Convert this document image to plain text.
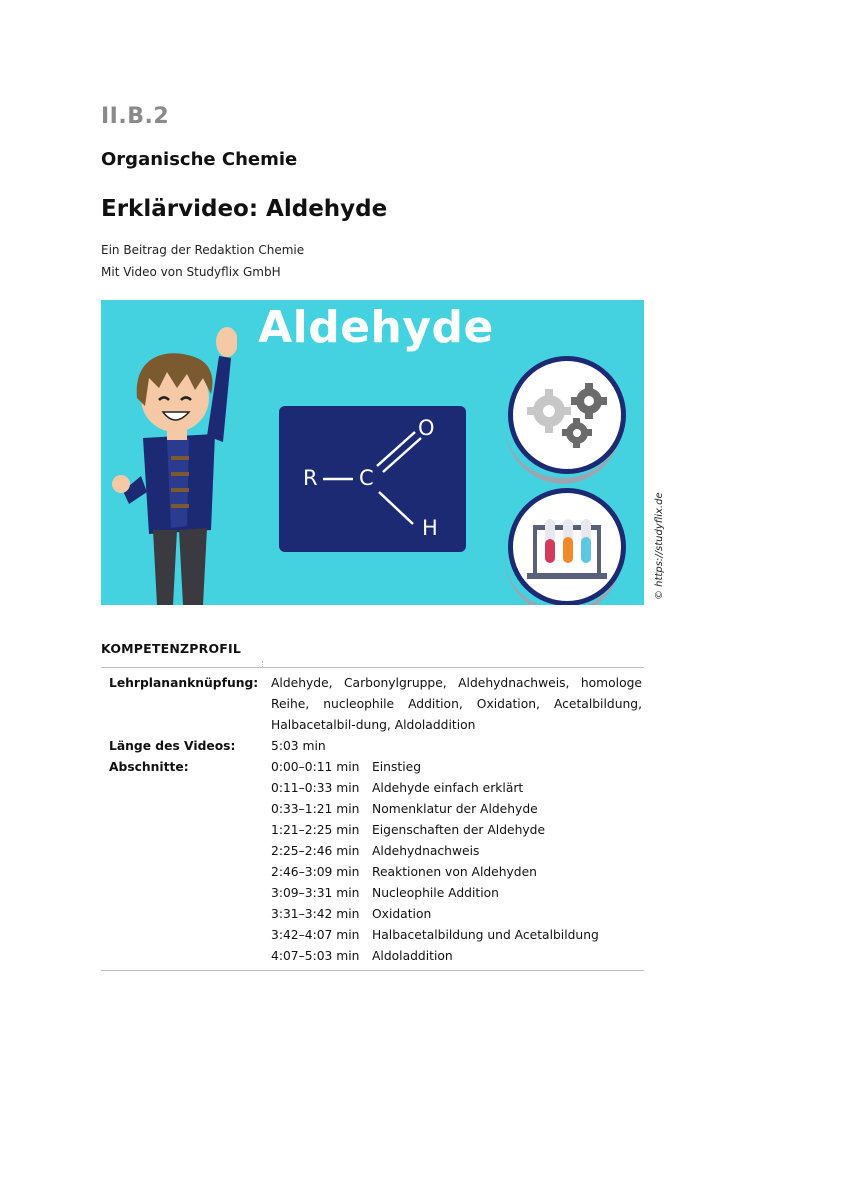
II.B.2
Organische Chemie
Erklärvideo: Aldehyde
Ein Beitrag der Redaktion Chemie
Mit Video von Studyflix GmbH
Aldehyde
R C
O
H	© https://studyflix.de
KOMPETENZPROFIL
Lehrplananknüpfung:	Aldehyde, Carbonylgruppe, Aldehydnachweis, homologe Reihe, nucleophile Addition, Oxidation, Acetalbildung, Halbacetalbil-dung, Aldoladdition
Länge des Videos:	5:03 min
Abschnitte:	0:00–0:11 min	Einstieg
0:11–0:33 min	Aldehyde einfach erklärt
0:33–1:21 min	Nomenklatur der Aldehyde
1:21–2:25 min	Eigenschaften der Aldehyde
2:25–2:46 min	Aldehydnachweis
2:46–3:09 min	Reaktionen von Aldehyden
3:09–3:31 min	Nucleophile Addition
3:31–3:42 min	Oxidation
3:42–4:07 min	Halbacetalbildung und Acetalbildung
4:07–5:03 min	Aldoladdition
